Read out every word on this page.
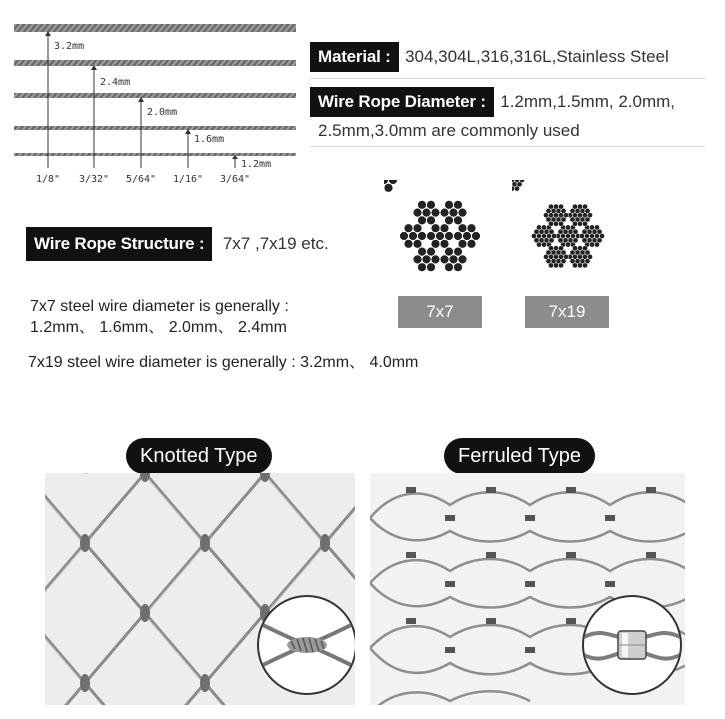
3.2mm
2.4mm
2.0mm
1.6mm
1.2mm
1/8" 3/32" 5/64" 1/16" 3/64"
Material : 304,304L,316,316L,Stainless Steel
Wire Rope Diameter : 1.2mm,1.5mm, 2.0mm,
2.5mm,3.0mm are commonly used
Wire Rope Structure : 7x7 ,7x19 etc.
7x7	7x19
7x7 steel wire diameter is generally :
1.2mm、 1.6mm、 2.0mm、 2.4mm
7x19 steel wire diameter is generally : 3.2mm、 4.0mm
Knotted Type	Ferruled Type
